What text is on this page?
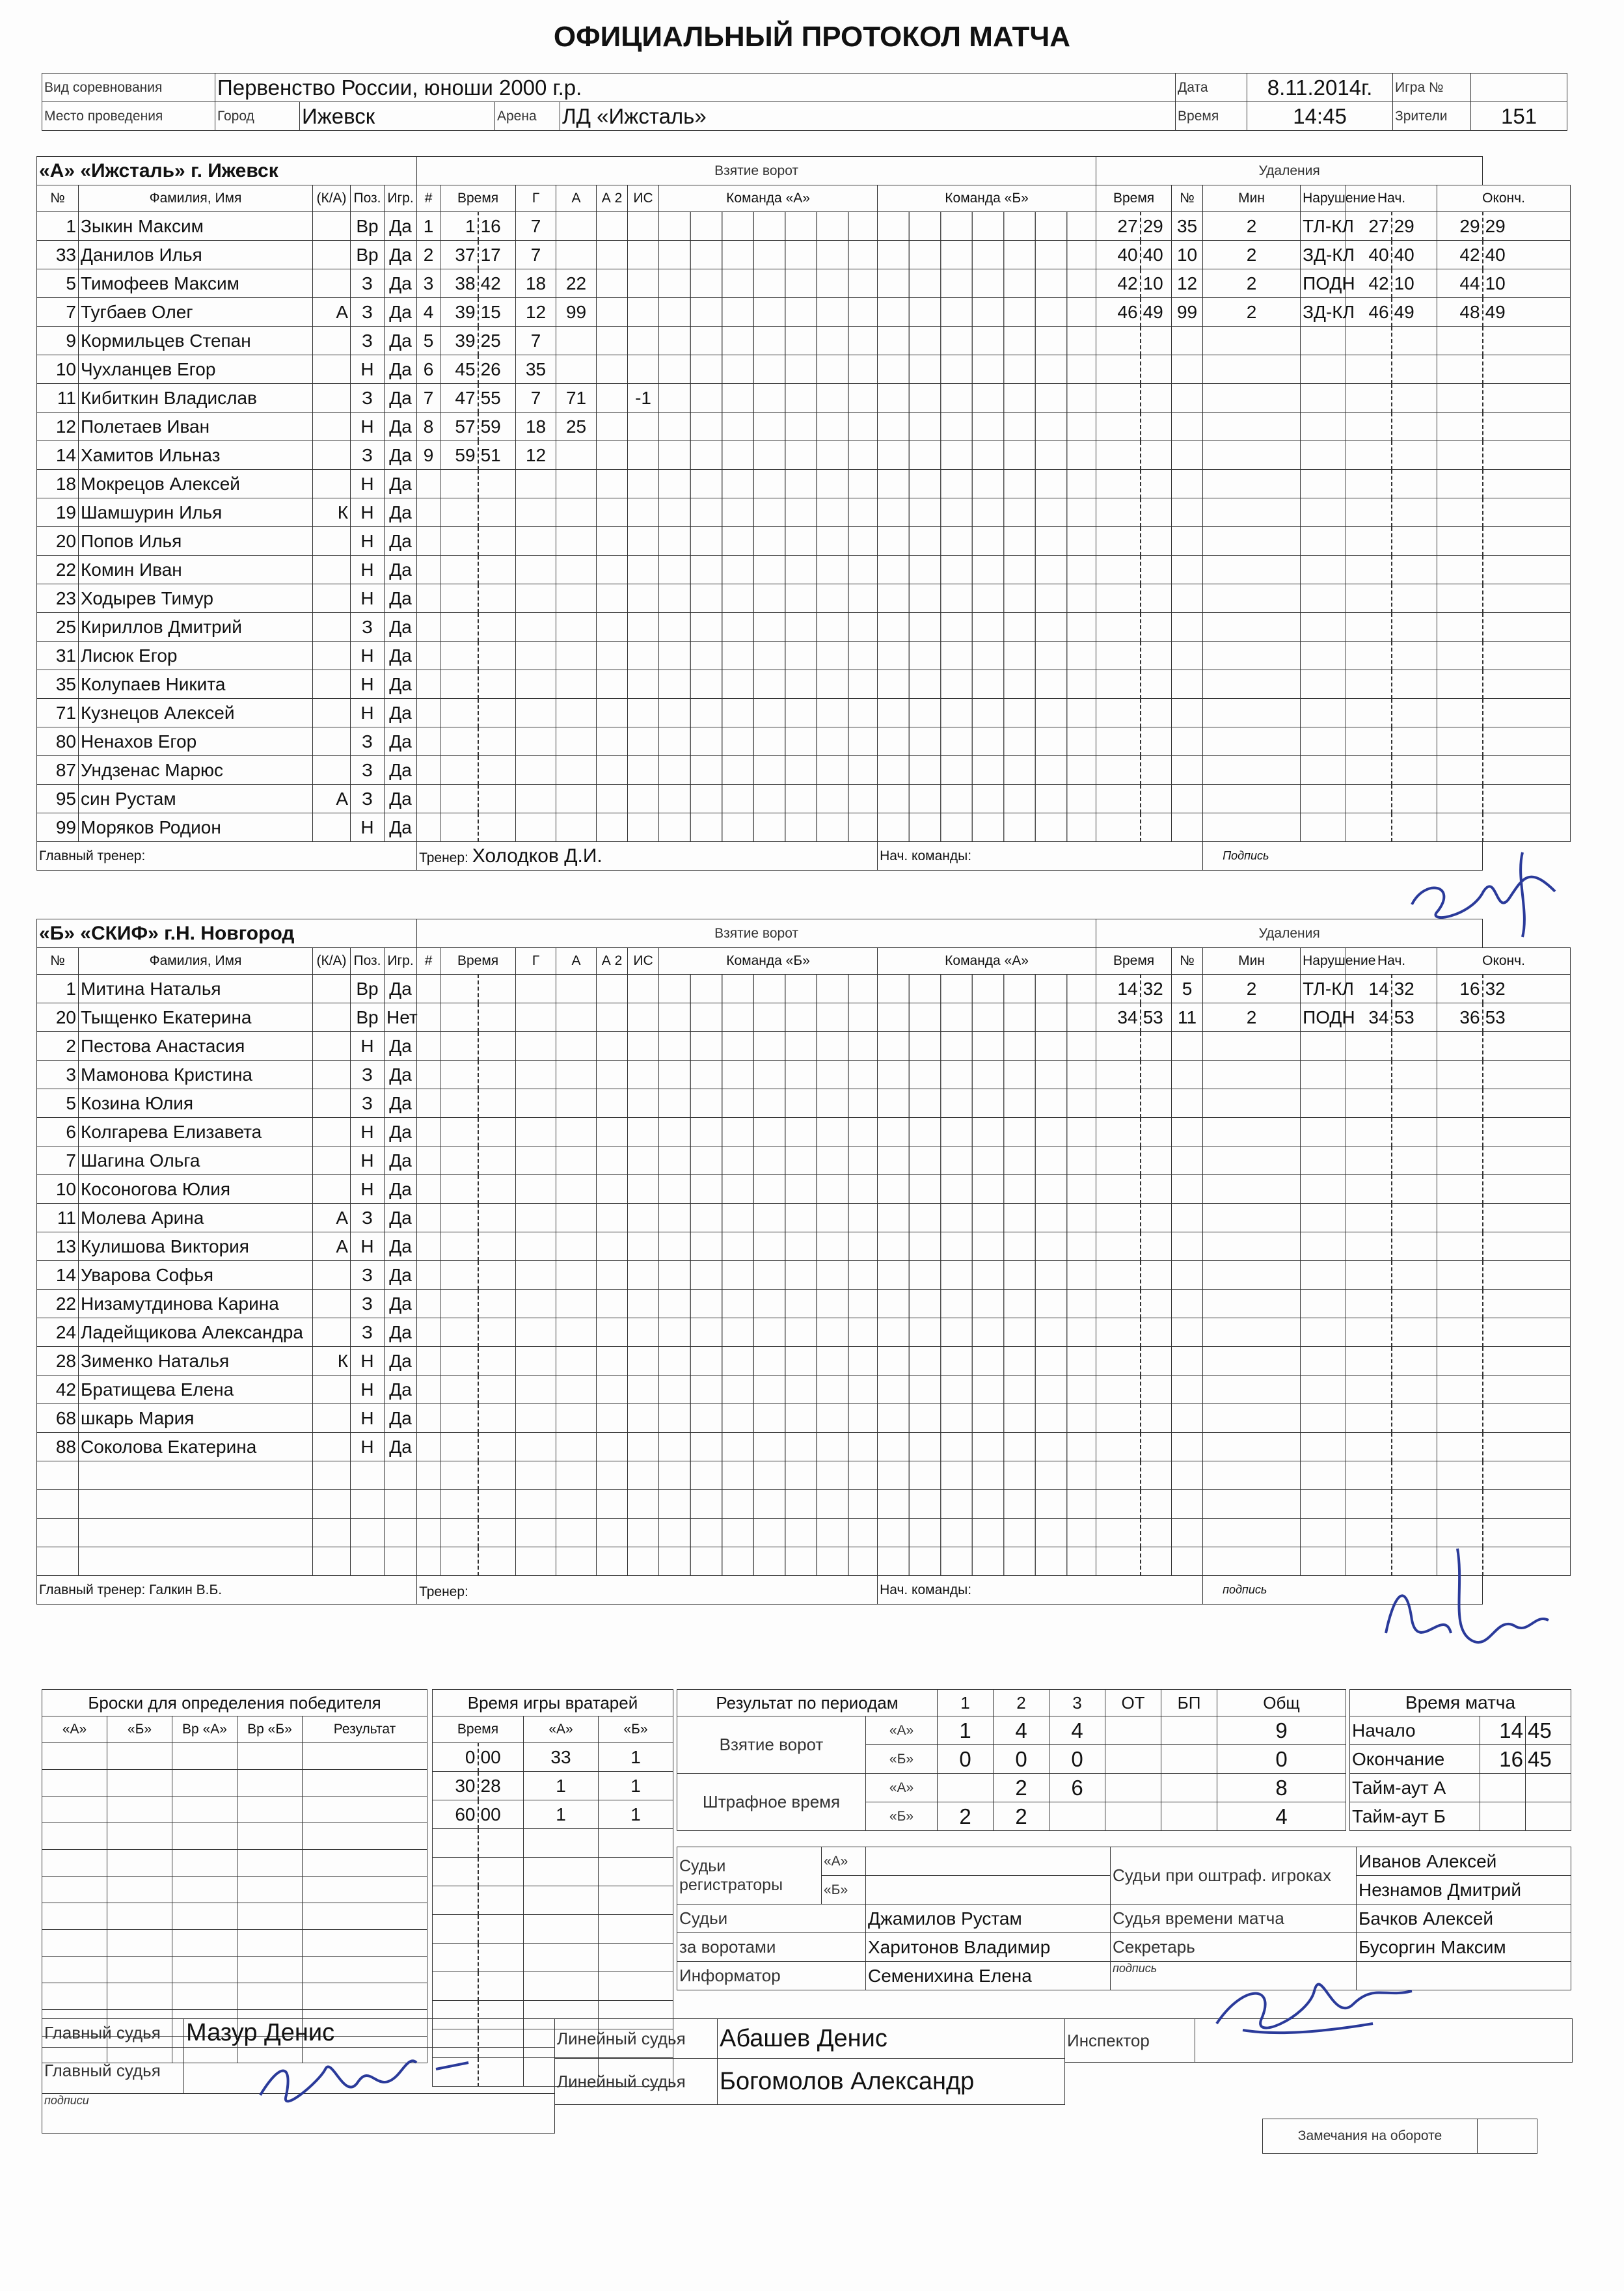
ОФИЦИАЛЬНЫЙ ПРОТОКОЛ МАТЧА
Вид соревнования	Первенство России, юноши 2000 г.р.				Дата	8.11.2014г.	Игра №	
Место проведения	Город	Ижевск	Арена	ЛД «Ижсталь»	Время	14:45	Зрители	151
«А» «Ижсталь» г. Ижевск					Взятие ворот									Удаления								
№	Фамилия, Имя	(К/А)	Поз.	Игр.	#	Время		Г	А	А 2	ИС	Команда «А»	Команда «Б»	Время		№	Мин	Нарушение	Нач.		Оконч.	
1	Зыкин Максим		Вр	Да	1	1	16	7						27	29	35	2	ТЛ-КЛ	27	29	29	29
33	Данилов Илья		Вр	Да	2	37	17	7						40	40	10	2	ЗД-КЛ	40	40	42	40
5	Тимофеев Максим		З	Да	3	38	42	18	22					42	10	12	2	ПОДН	42	10	44	10
7	Тугбаев Олег	А	З	Да	4	39	15	12	99					46	49	99	2	ЗД-КЛ	46	49	48	49
9	Кормильцев Степан		З	Да	5	39	25	7														
10	Чухланцев Егор		Н	Да	6	45	26	35														
11	Кибиткин Владислав		З	Да	7	47	55	7	71		-1											
12	Полетаев Иван		Н	Да	8	57	59	18	25													
14	Хамитов Ильназ		З	Да	9	59	51	12														
18	Мокрецов Алексей		Н	Да																		
19	Шамшурин Илья	К	Н	Да																		
20	Попов Илья		Н	Да																		
22	Комин Иван		Н	Да																		
23	Ходырев Тимур		Н	Да																		
25	Кириллов Дмитрий		З	Да																		
31	Лисюк Егор		Н	Да																		
35	Колупаев Никита		Н	Да																		
71	Кузнецов Алексей		Н	Да																		
80	Ненахов Егор		З	Да																		
87	Ундзенас Марюс		З	Да																		
95	син Рустам	А	З	Да																		
99	Моряков Родион		Н	Да																		
Главный тренер:					Тренер: Холодков Д.И.								Нач. команды:				Подпись					
«Б» «СКИФ» г.Н. Новгород					Взятие ворот									Удаления								
№	Фамилия, Имя	(К/А)	Поз.	Игр.	#	Время		Г	А	А 2	ИС	Команда «Б»	Команда «А»	Время		№	Мин	Нарушение	Нач.		Оконч.	
1	Митина Наталья		Вр	Да										14	32	5	2	ТЛ-КЛ	14	32	16	32
20	Тыщенко Екатерина		Вр	Нет										34	53	11	2	ПОДН	34	53	36	53
2	Пестова Анастасия		Н	Да																		
3	Мамонова Кристина		З	Да																		
5	Козина Юлия		З	Да																		
6	Колгарева Елизавета		Н	Да																		
7	Шагина Ольга		Н	Да																		
10	Косоногова Юлия		Н	Да																		
11	Молева Арина	А	З	Да																		
13	Кулишова Виктория	А	Н	Да																		
14	Уварова Софья		З	Да																		
22	Низамутдинова Карина		З	Да																		
24	Ладейщикова Александра		З	Да																		
28	Зименко Наталья	К	Н	Да																		
42	Братищева Елена		Н	Да																		
68	шкарь Мария		Н	Да																		
88	Соколова Екатерина		Н	Да																		

Главный тренер: Галкин В.Б.					Тренер:								Нач. команды:				подпись					
Броски для определения победителя				
«А»	«Б»	Вр «А»	Вр «Б»	Результат

Время игры вратарей			
Время		«А»	«Б»
0	00	33	1
30	28	1	1
60	00	1	1

Результат по периодам		1	2	3	ОТ	БП	Общ
Взятие ворот	«А»	1	4	4			9
	«Б»	0	0	0			0
Штрафное время	«А»		2	6			8
	«Б»	2	2				4
Время матча		
Начало	14	45
Окончание	16	45
Тайм-аут А		
Тайм-аут Б		
Судьи регистраторы	«А»		Судьи при оштраф. игроках	Иванов Алексей
	«Б»			Незнамов Дмитрий
Судьи		Джамилов Рустам	Судья времени матча	Бачков Алексей
за воротами		Харитонов Владимир	Секретарь	Бусоргин Максим
Информатор		Семенихина Елена	подпись	
Главный судья	Мазур Денис
Главный судья	
подписи	
Линейный судья	Абашев Денис
Линейный судья	Богомолов Александр
Инспектор	
Замечания на обороте	
